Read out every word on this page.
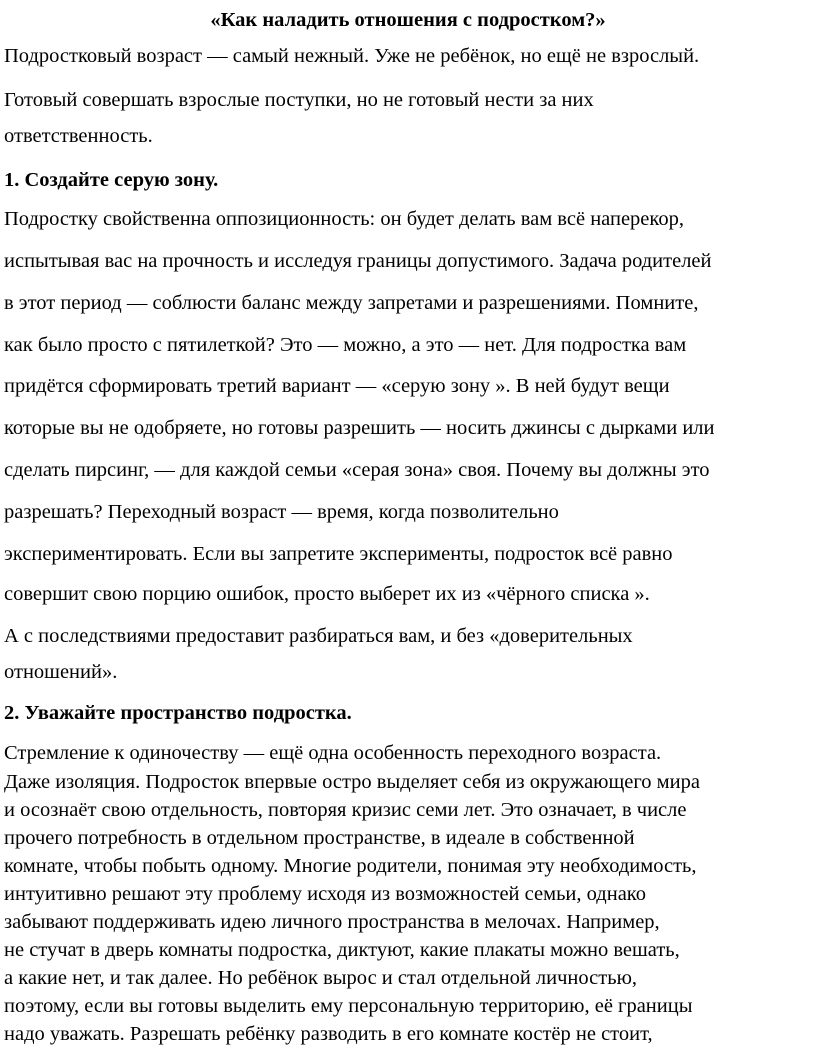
«Как наладить отношения с подростком?»
Подростковый возраст — самый нежный. Уже не ребёнок, но ещё не взрослый.
Готовый совершать взрослые поступки, но не готовый нести за них
ответственность.
1. Создайте серую зону.
Подростку свойственна оппозиционность: он будет делать вам всё наперекор,
испытывая вас на прочность и исследуя границы допустимого. Задача родителей
в этот период — соблюсти баланс между запретами и разрешениями. Помните,
как было просто с пятилеткой? Это — можно, а это — нет. Для подростка вам
придётся сформировать третий вариант — «серую зону ». В ней будут вещи
которые вы не одобряете, но готовы разрешить — носить джинсы с дырками или
сделать пирсинг, — для каждой семьи «серая зона» своя. Почему вы должны это
разрешать? Переходный возраст — время, когда позволительно
экспериментировать. Если вы запретите эксперименты, подросток всё равно
совершит свою порцию ошибок, просто выберет их из «чёрного списка ».
А с последствиями предоставит разбираться вам, и без «доверительных
отношений».
2. Уважайте пространство подростка.
Стремление к одиночеству — ещё одна особенность переходного возраста.
Даже изоляция. Подросток впервые остро выделяет себя из окружающего мира
и осознаёт свою отдельность, повторяя кризис семи лет. Это означает, в числе
прочего потребность в отдельном пространстве, в идеале в собственной
комнате, чтобы побыть одному. Многие родители, понимая эту необходимость,
интуитивно решают эту проблему исходя из возможностей семьи, однако
забывают поддерживать идею личного пространства в мелочах. Например,
не стучат в дверь комнаты подростка, диктуют, какие плакаты можно вешать,
а какие нет, и так далее. Но ребёнок вырос и стал отдельной личностью,
поэтому, если вы готовы выделить ему персональную территорию, её границы
надо уважать. Разрешать ребёнку разводить в его комнате костёр не стоит,
